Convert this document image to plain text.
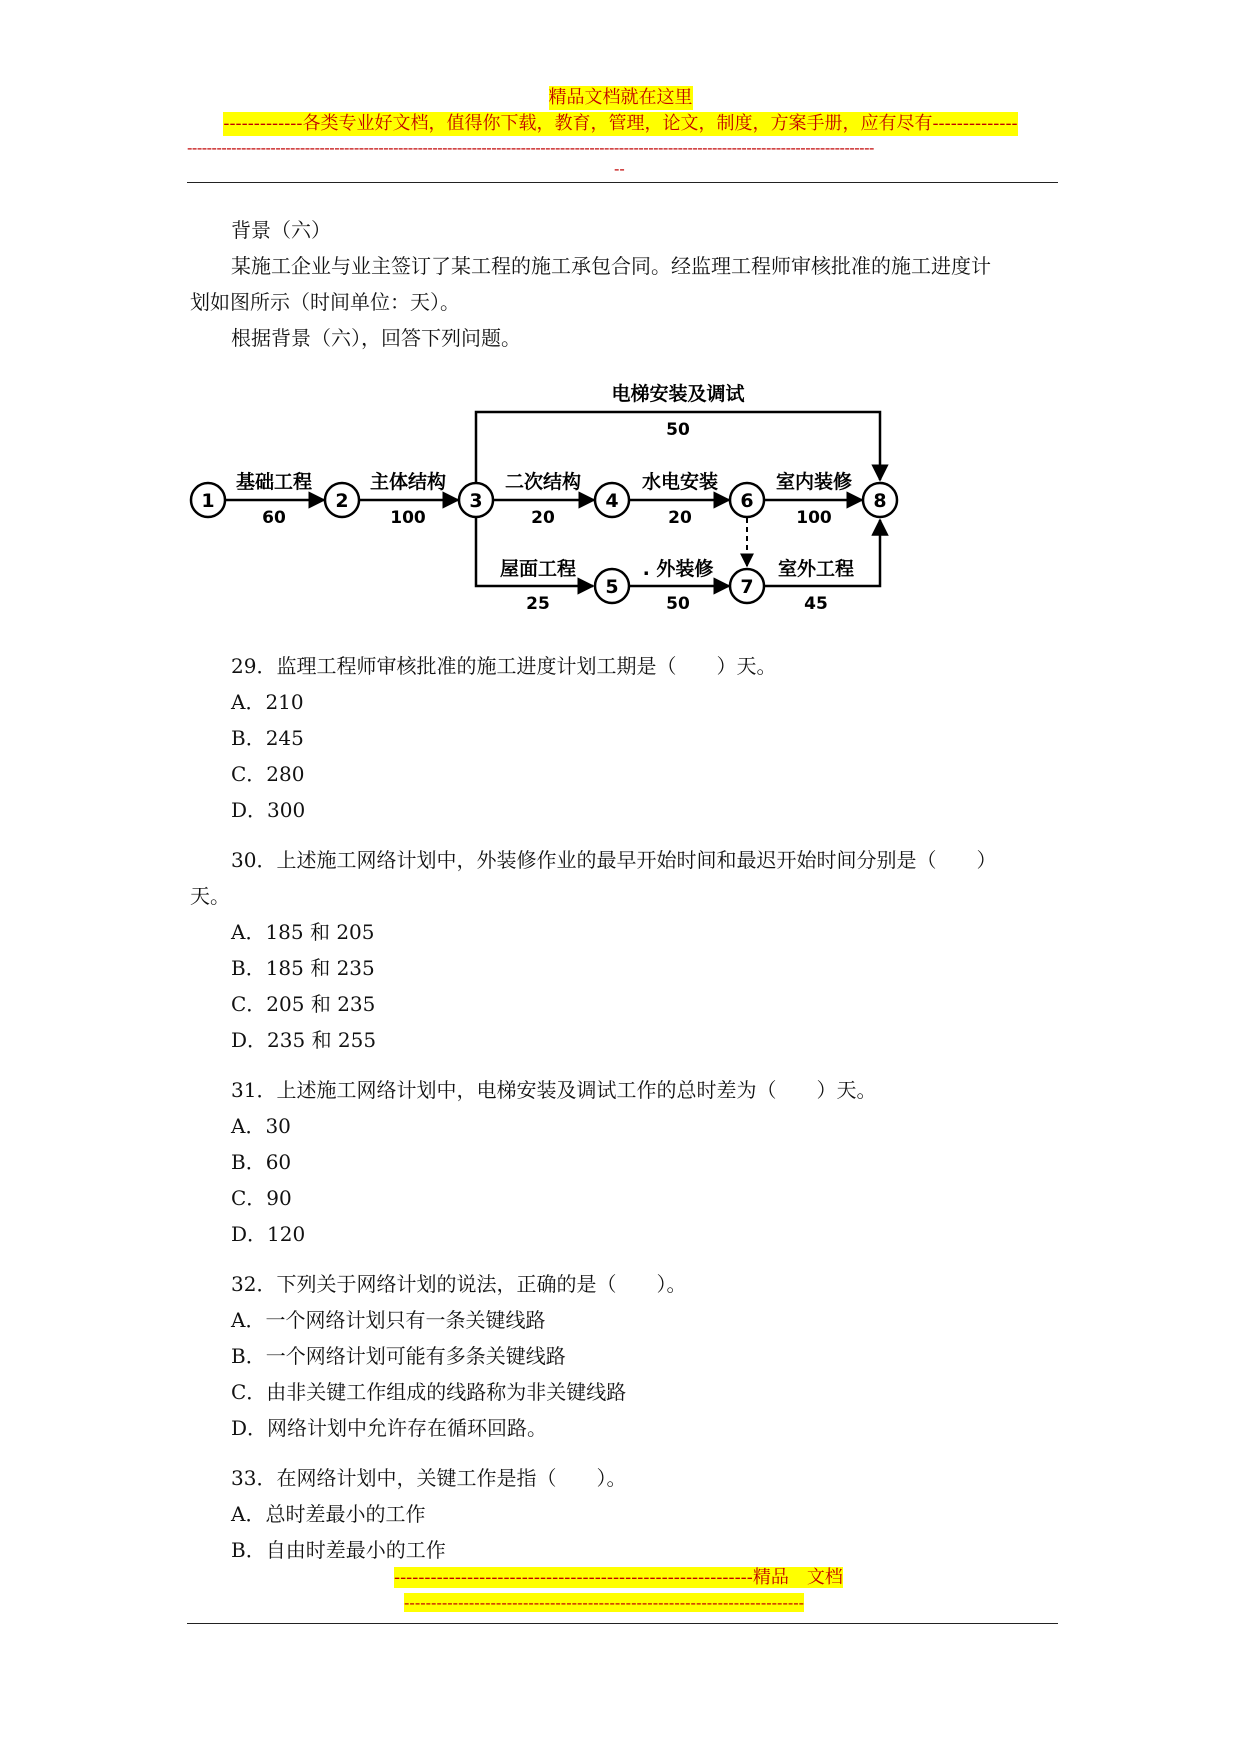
精品文档就在这里
-------------各类专业好文档，值得你下载，教育，管理，论文，制度，方案手册，应有尽有--------------
--------------------------------------------------------------------------------------------------------------------------------------------
--
背景（六）
某施工企业与业主签订了某工程的施工承包合同。经监理工程师审核批准的施工进度计
划如图所示（时间单位：天）。
根据背景（六），回答下列问题。
1	2	3	4
5
6
7
8
基础工程
60
主体结构
100
二次结构
20
水电安装
20
室内装修
100
电梯安装及调试
50
屋面工程
25
. 外装修
50
室外工程
45
29．监理工程师审核批准的施工进度计划工期是（　　）天。
A．210
B．245
C．280
D．300
30．上述施工网络计划中，外装修作业的最早开始时间和最迟开始时间分别是（　　）
天。
A．185 和 205
B．185 和 235
C．205 和 235
D．235 和 255
31．上述施工网络计划中，电梯安装及调试工作的总时差为（　　）天。
A．30
B．60
C．90
D．120
32．下列关于网络计划的说法，正确的是（　　）。
A．一个网络计划只有一条关键线路
B．一个网络计划可能有多条关键线路
C．由非关键工作组成的线路称为非关键线路
D．网络计划中允许存在循环回路。
33．在网络计划中，关键工作是指（　　）。
A．总时差最小的工作
B．自由时差最小的工作
-----------------------------------------------------------精品　文档
--------------------------------------------------------------------------
